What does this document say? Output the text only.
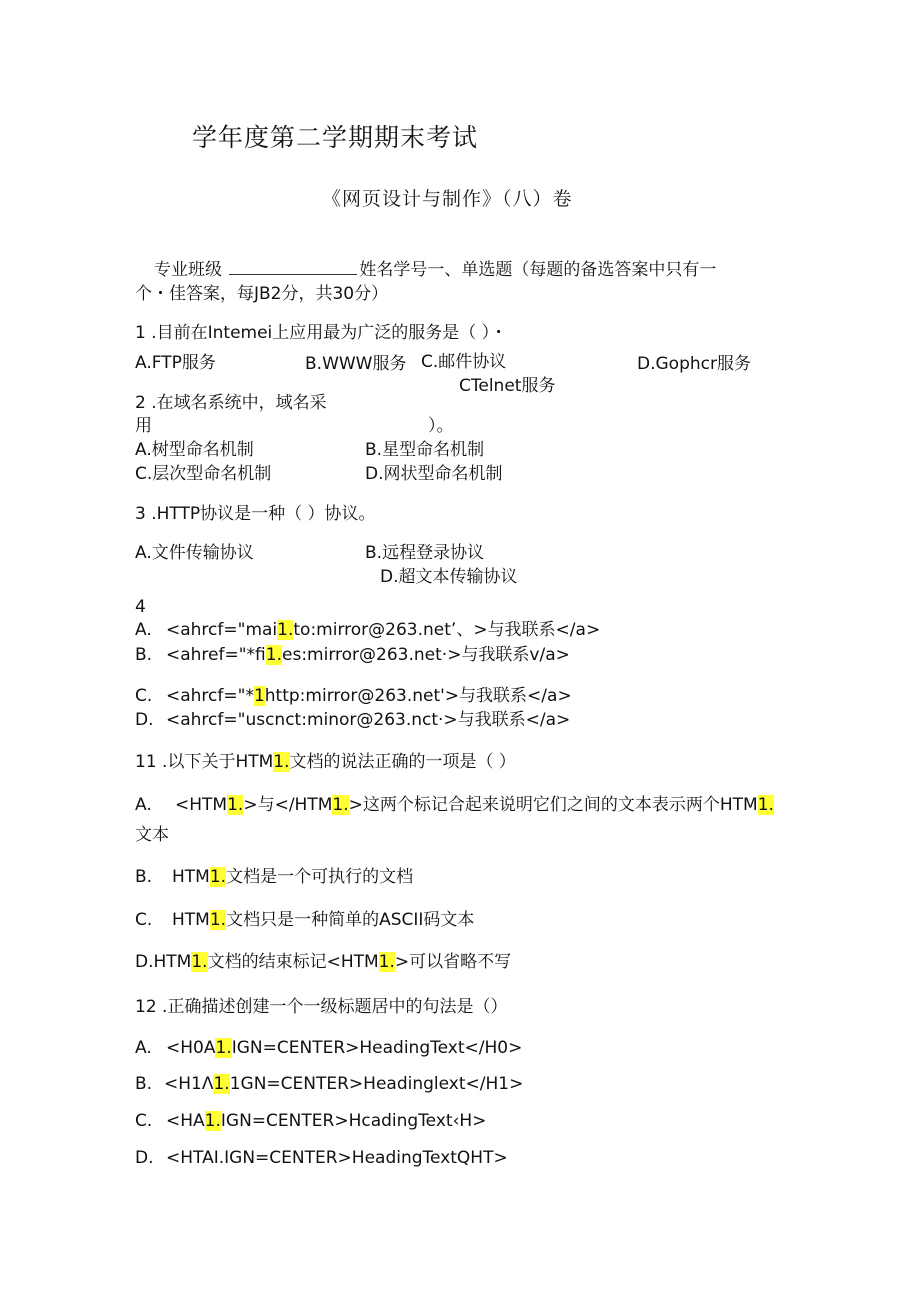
学年度第二学期期末考试
《网页设计与制作》（八）卷
专业班级	姓名学号一、单选题（每题的备选答案中只有一
个・佳答案，每JB2分，共30分）
1 .目前在Intemei上应用最为广泛的服务是（ ）・
A.FTP服务	B.WWW服务 C.邮件协议	D.Gophcr服务
CTelnet服务
2 .在域名系统中，域名采
用	）。
A.树型命名机制	B.星型命名机制
C.层次型命名机制	D.网状型命名机制
3 .HTTP协议是一种（ ）协议。
A.文件传输协议	B.远程登录协议
D.超文本传输协议
4
A. <ahrcf="mai1.to:mirror@263.net’、>与我联系</a>
B. <ahref="*fi1.es:mirror@263.net‧>与我联系v/a>
C. <ahrcf="*1http:mirror@263.net'>与我联系</a>
D. <ahrcf="uscnct:minor@263.nct‧>与我联系</a>
11 .以下关于HTM1.文档的说法正确的一项是（ ）
A. <HTM1.>与</HTM1.>这两个标记合起来说明它们之间的文本表示两个HTM1.
文本
B. HTM1.文档是一个可执行的文档
C. HTM1.文档只是一种简单的ASCII码文本
D.HTM1.文档的结束标记<HTM1.>可以省略不写
12 .正确描述创建一个一级标题居中的句法是（）
A. <H0A1.IGN=CENTER>HeadingText</H0>
B. <H1Λ1.1GN=CENTER>Headinglext</H1>
C. <HA1.IGN=CENTER>HcadingText‹H>
D. <HTAI.IGN=CENTER>HeadingTextQHT>
